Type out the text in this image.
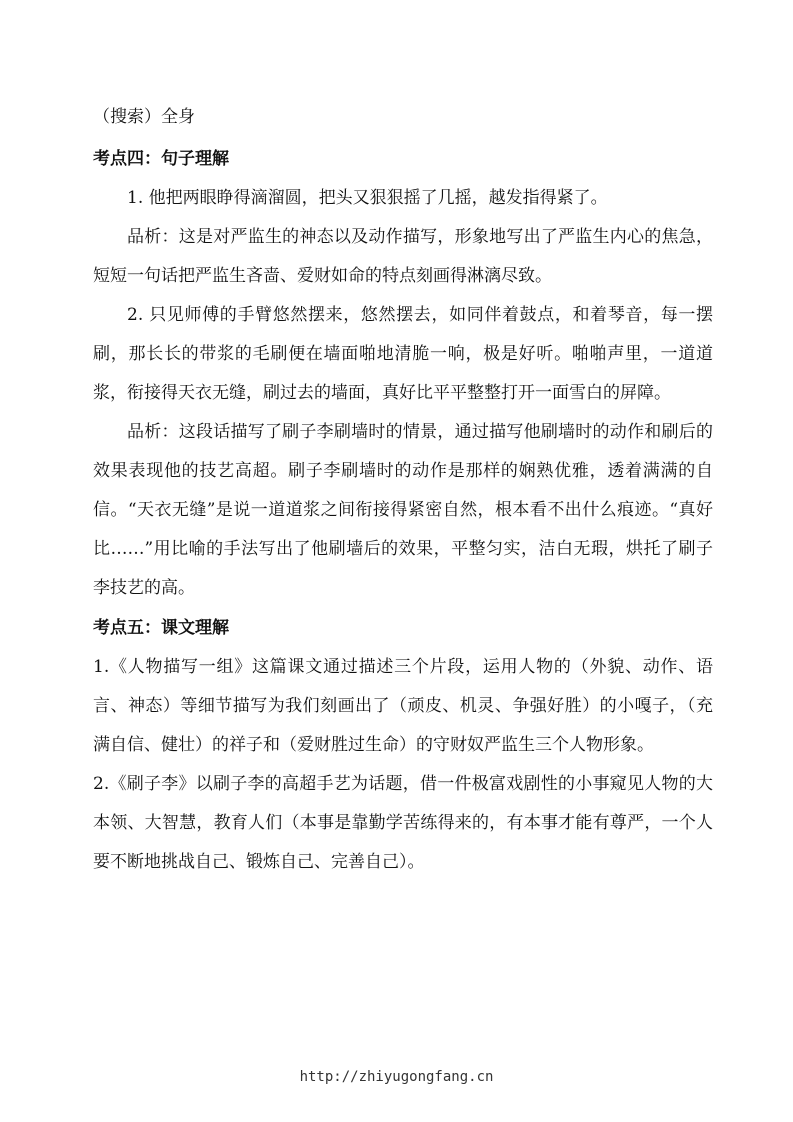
（搜索）全身
考点四：句子理解

1. 他把两眼睁得滴溜圆，把头又狠狠摇了几摇，越发指得紧了。

品析：这是对严监生的神态以及动作描写，形象地写出了严监生内心的焦急，短短一句话把严监生吝啬、爱财如命的特点刻画得淋漓尽致。

2. 只见师傅的手臂悠然摆来，悠然摆去，如同伴着鼓点，和着琴音，每一摆刷，那长长的带浆的毛刷便在墙面啪地清脆一响，极是好听。啪啪声里，一道道浆，衔接得天衣无缝，刷过去的墙面，真好比平平整整打开一面雪白的屏障。

品析：这段话描写了刷子李刷墙时的情景，通过描写他刷墙时的动作和刷后的效果表现他的技艺高超。刷子李刷墙时的动作是那样的娴熟优雅，透着满满的自信。“天衣无缝”是说一道道浆之间衔接得紧密自然，根本看不出什么痕迹。“真好比……”用比喻的手法写出了他刷墙后的效果，平整匀实，洁白无瑕，烘托了刷子李技艺的高。

考点五：课文理解

1.《人物描写一组》这篇课文通过描述三个片段，运用人物的（外貌、动作、语言、神态）等细节描写为我们刻画出了（顽皮、机灵、争强好胜）的小嘎子，（充满自信、健壮）的祥子和（爱财胜过生命）的守财奴严监生三个人物形象。

2.《刷子李》以刷子李的高超手艺为话题，借一件极富戏剧性的小事窥见人物的大本领、大智慧，教育人们（本事是靠勤学苦练得来的，有本事才能有尊严，一个人要不断地挑战自己、锻炼自己、完善自己）。

http://zhiyugongfang.cn
